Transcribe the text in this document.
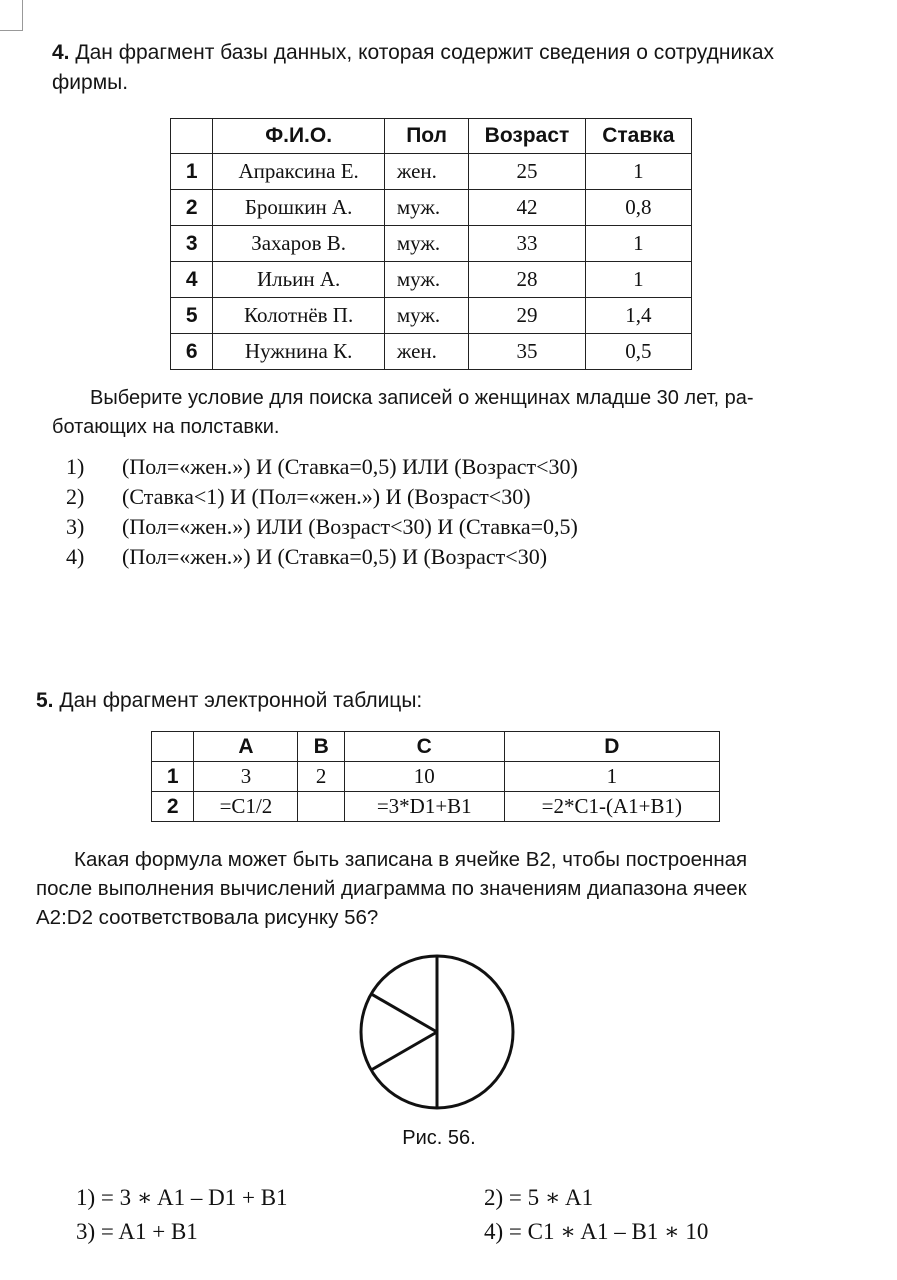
4. Дан фрагмент базы данных, которая содержит сведения о сотрудниках фирмы.
	Ф.И.О.	Пол	Возраст	Ставка
1	Апраксина Е.	жен.	25	1
2	Брошкин А.	муж.	42	0,8
3	Захаров В.	муж.	33	1
4	Ильин А.	муж.	28	1
5	Колотнёв П.	муж.	29	1,4
6	Нужнина К.	жен.	35	0,5
Выберите условие для поиска записей о женщинах младше 30 лет, ра-
ботающих на полставки.
1)	(Пол=«жен.») И (Ставка=0,5) ИЛИ (Возраст<30)
2)	(Ставка<1) И (Пол=«жен.») И (Возраст<30)
3)	(Пол=«жен.») ИЛИ (Возраст<30) И (Ставка=0,5)
4)	(Пол=«жен.») И (Ставка=0,5) И (Возраст<30)
5. Дан фрагмент электронной таблицы:
	A	B	C	D
1	3	2	10	1
2	=C1/2		=3*D1+B1	=2*C1-(A1+B1)
Какая формула может быть записана в ячейке В2, чтобы построенная
после выполнения вычислений диаграмма по значениям диапазона ячеек
A2:D2 соответствовала рисунку 56?
Рис. 56.
1) = 3 ∗ A1 – D1 + B1	2) = 5 ∗ A1
3) = A1 + B1	4) = C1 ∗ A1 – B1 ∗ 10
